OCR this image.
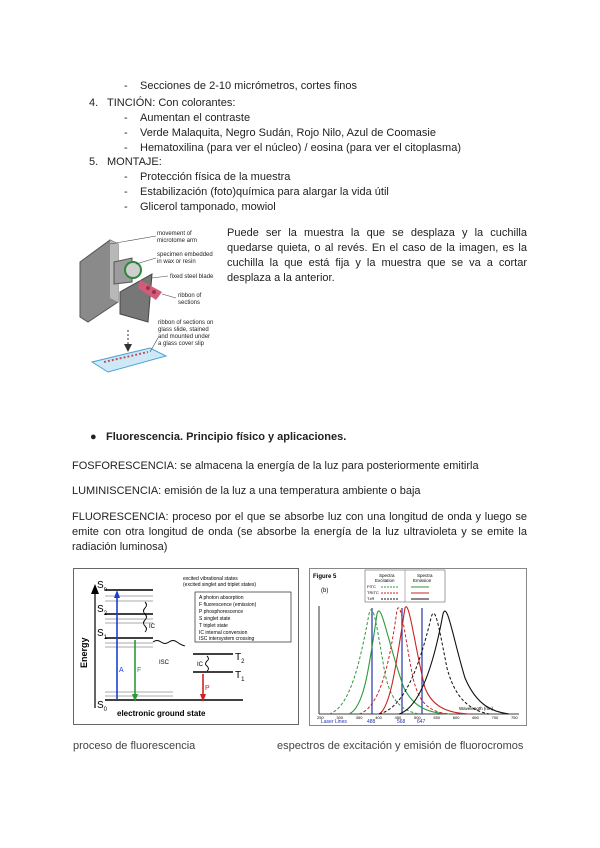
- Secciones de 2-10 micrómetros, cortes finos
4. TINCIÓN: Con colorantes:
- Aumentan el contraste
- Verde Malaquita, Negro Sudán, Rojo Nilo, Azul de Coomasie
- Hematoxilina (para ver el núcleo) / eosina (para ver el citoplasma)
5. MONTAJE:
- Protección física de la muestra
- Estabilización (foto)química para alargar la vida útil
- Glicerol tamponado, mowiol
movement of
microtome arm
specimen embedded
in wax or resin
fixed steel blade
ribbon of
sections
ribbon of sections on
glass slide, stained
and mounted under
a glass cover slip
Puede ser la muestra la que se desplaza y la cuchilla quedarse quieta, o al revés. En el caso de la imagen, es la cuchilla la que está fija y la muestra que se va a cortar desplaza a la anterior.
● Fluorescencia. Principio físico y aplicaciones.
FOSFORESCENCIA: se almacena la energía de la luz para posteriormente emitirla
LUMINISCENCIA: emisión de la luz a una temperatura ambiente o baja
FLUORESCENCIA: proceso por el que se absorbe luz con una longitud de onda y luego se emite con otra longitud de onda (se absorbe la energía de la luz ultravioleta y se emite la radiación luminosa)
Energy
$S_n$
$S_2$
$S_1$
$S_0$
$T_2$
$T_1$
A F
IC
ISC	IC
P
excited vibrational states
(excited singlet and triplet states)
A photon absorption
F fluorescence (emission)
P phosphorescence
S singlet state
T triplet state
IC internal conversion
ISC intersystem crossing
electronic ground state
Figure 5
(b)
Spectra
Excitation
Spectra
Emission
FITC
TRITC
TxR
250	300	350	400	450	500	550	600	650	700	750
Wavelength (nm)
Laser Lines	488	568 647
proceso de fluorescencia	espectros de excitación y emisión de fluorocromos
